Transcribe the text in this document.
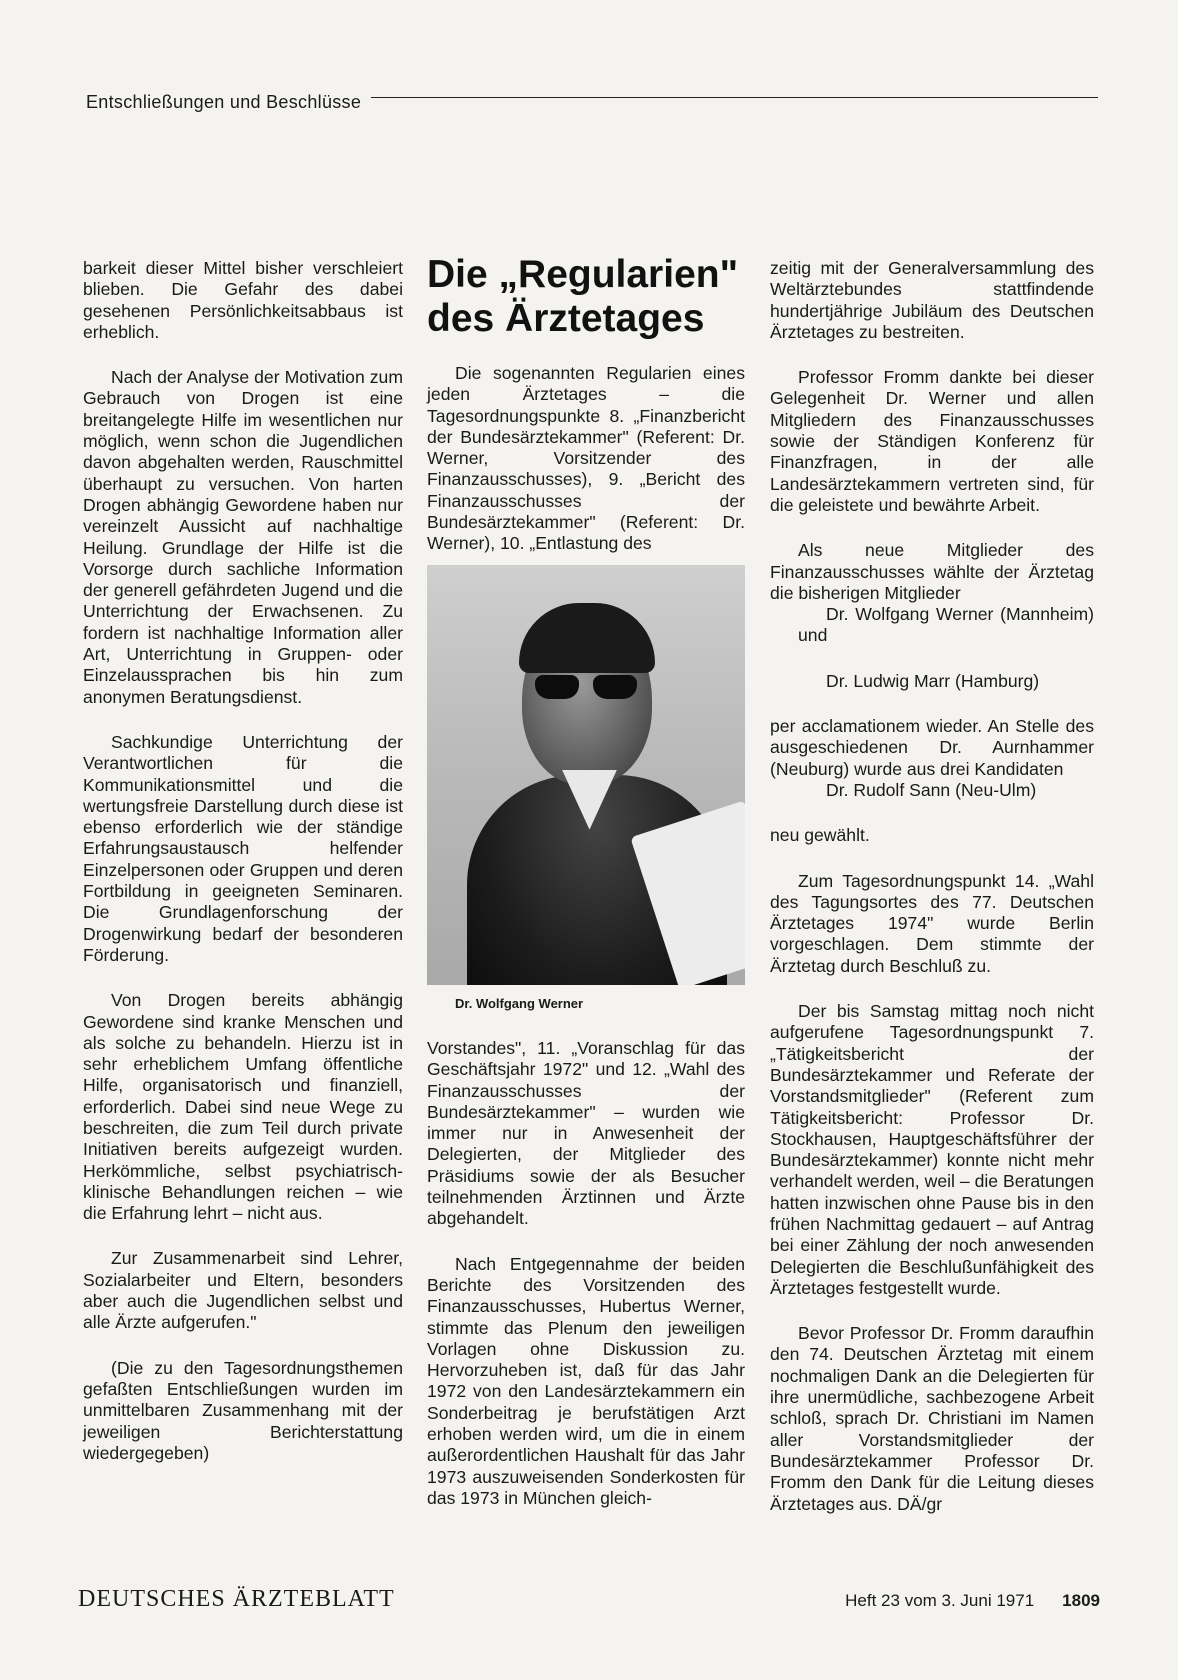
Entschließungen und Beschlüsse

barkeit dieser Mittel bisher verschleiert blieben. Die Gefahr des dabei gesehenen Persönlichkeitsabbaus ist erheblich.

Nach der Analyse der Motivation zum Gebrauch von Drogen ist eine breitangelegte Hilfe im wesentlichen nur möglich, wenn schon die Jugendlichen davon abgehalten werden, Rauschmittel überhaupt zu versuchen. Von harten Drogen abhängig Gewordene haben nur vereinzelt Aussicht auf nachhaltige Heilung. Grundlage der Hilfe ist die Vorsorge durch sachliche Information der generell gefährdeten Jugend und die Unterrichtung der Erwachsenen. Zu fordern ist nachhaltige Information aller Art, Unterrichtung in Gruppen- oder Einzelaussprachen bis hin zum anonymen Beratungsdienst.

Sachkundige Unterrichtung der Verantwortlichen für die Kommunikationsmittel und die wertungsfreie Darstellung durch diese ist ebenso erforderlich wie der ständige Erfahrungsaustausch helfender Einzelpersonen oder Gruppen und deren Fortbildung in geeigneten Seminaren. Die Grundlagenforschung der Drogenwirkung bedarf der besonderen Förderung.

Von Drogen bereits abhängig Gewordene sind kranke Menschen und als solche zu behandeln. Hierzu ist in sehr erheblichem Umfang öffentliche Hilfe, organisatorisch und finanziell, erforderlich. Dabei sind neue Wege zu beschreiten, die zum Teil durch private Initiativen bereits aufgezeigt wurden. Herkömmliche, selbst psychiatrisch-klinische Behandlungen reichen – wie die Erfahrung lehrt – nicht aus.

Zur Zusammenarbeit sind Lehrer, Sozialarbeiter und Eltern, besonders aber auch die Jugendlichen selbst und alle Ärzte aufgerufen."

(Die zu den Tagesordnungsthemen gefaßten Entschließungen wurden im unmittelbaren Zusammenhang mit der jeweiligen Berichterstattung wiedergegeben)

Die „Regularien"
des Ärztetages

Die sogenannten Regularien eines jeden Ärztetages – die Tagesordnungspunkte 8. „Finanzbericht der Bundesärztekammer" (Referent: Dr. Werner, Vorsitzender des Finanzausschusses), 9. „Bericht des Finanzausschusses der Bundesärztekammer" (Referent: Dr. Werner), 10. „Entlastung des

Dr. Wolfgang Werner

Vorstandes", 11. „Voranschlag für das Geschäftsjahr 1972" und 12. „Wahl des Finanzausschusses der Bundesärztekammer" – wurden wie immer nur in Anwesenheit der Delegierten, der Mitglieder des Präsidiums sowie der als Besucher teilnehmenden Ärztinnen und Ärzte abgehandelt.

Nach Entgegennahme der beiden Berichte des Vorsitzenden des Finanzausschusses, Hubertus Werner, stimmte das Plenum den jeweiligen Vorlagen ohne Diskussion zu. Hervorzuheben ist, daß für das Jahr 1972 von den Landesärztekammern ein Sonderbeitrag je berufstätigen Arzt erhoben werden wird, um die in einem außerordentlichen Haushalt für das Jahr 1973 auszuweisenden Sonderkosten für das 1973 in München gleich-

zeitig mit der Generalversammlung des Weltärztebundes stattfindende hundertjährige Jubiläum des Deutschen Ärztetages zu bestreiten.

Professor Fromm dankte bei dieser Gelegenheit Dr. Werner und allen Mitgliedern des Finanzausschusses sowie der Ständigen Konferenz für Finanzfragen, in der alle Landesärztekammern vertreten sind, für die geleistete und bewährte Arbeit.

Als neue Mitglieder des Finanzausschusses wählte der Ärztetag die bisherigen Mitglieder

Dr. Wolfgang Werner (Mannheim) und

Dr. Ludwig Marr (Hamburg)

per acclamationem wieder. An Stelle des ausgeschiedenen Dr. Aurnhammer (Neuburg) wurde aus drei Kandidaten

Dr. Rudolf Sann (Neu-Ulm)

neu gewählt.

Zum Tagesordnungspunkt 14. „Wahl des Tagungsortes des 77. Deutschen Ärztetages 1974" wurde Berlin vorgeschlagen. Dem stimmte der Ärztetag durch Beschluß zu.

Der bis Samstag mittag noch nicht aufgerufene Tagesordnungspunkt 7. „Tätigkeitsbericht der Bundesärztekammer und Referate der Vorstandsmitglieder" (Referent zum Tätigkeitsbericht: Professor Dr. Stockhausen, Hauptgeschäftsführer der Bundesärztekammer) konnte nicht mehr verhandelt werden, weil – die Beratungen hatten inzwischen ohne Pause bis in den frühen Nachmittag gedauert – auf Antrag bei einer Zählung der noch anwesenden Delegierten die Beschlußunfähigkeit des Ärztetages festgestellt wurde.

Bevor Professor Dr. Fromm daraufhin den 74. Deutschen Ärztetag mit einem nochmaligen Dank an die Delegierten für ihre unermüdliche, sachbezogene Arbeit schloß, sprach Dr. Christiani im Namen aller Vorstandsmitglieder der Bundesärztekammer Professor Dr. Fromm den Dank für die Leitung dieses Ärztetages aus. DÄ/gr

DEUTSCHES ÄRZTEBLATT	Heft 23 vom 3. Juni 1971 1809
